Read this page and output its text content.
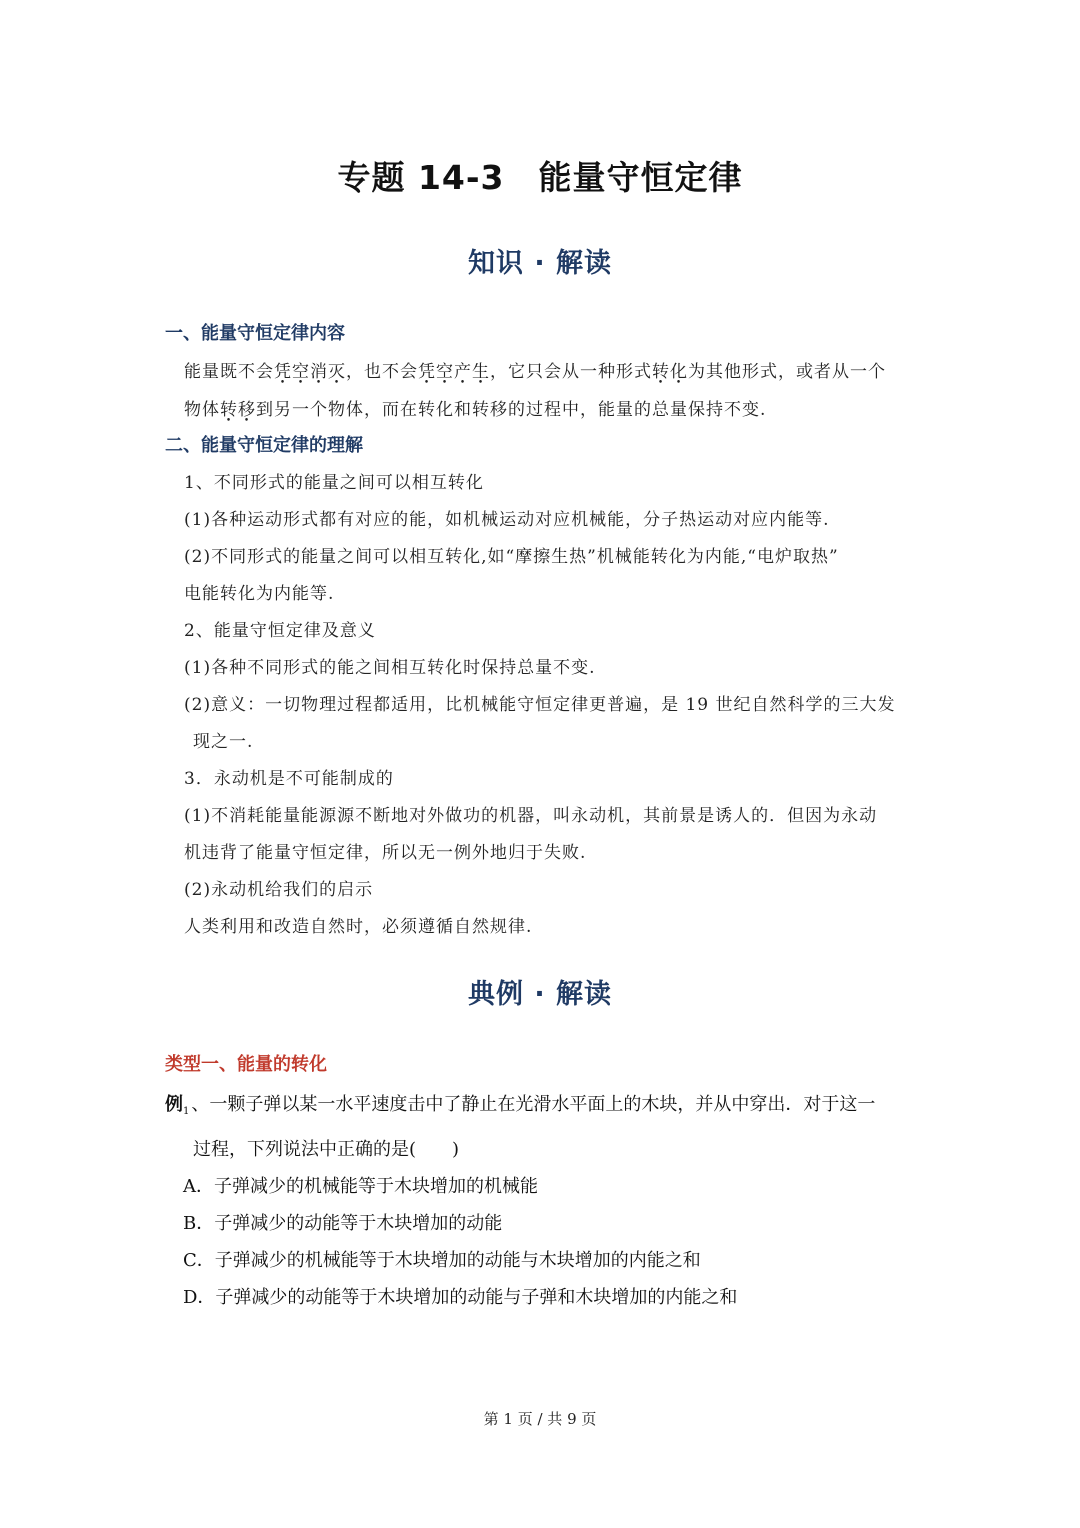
专题 14-3　能量守恒定律
知识 · 解读
一、能量守恒定律内容
能量既不会凭空消灭，也不会凭空产生，它只会从一种形式转化为其他形式，或者从一个
物体转移到另一个物体，而在转化和转移的过程中，能量的总量保持不变.
二、能量守恒定律的理解
1、不同形式的能量之间可以相互转化
(1)各种运动形式都有对应的能，如机械运动对应机械能，分子热运动对应内能等.
(2)不同形式的能量之间可以相互转化,如“摩擦生热”机械能转化为内能,“电炉取热”
电能转化为内能等.
2、能量守恒定律及意义
(1)各种不同形式的能之间相互转化时保持总量不变.
(2)意义：一切物理过程都适用，比机械能守恒定律更普遍，是 19 世纪自然科学的三大发
现之一.
3．永动机是不可能制成的
(1)不消耗能量能源源不断地对外做功的机器，叫永动机，其前景是诱人的．但因为永动
机违背了能量守恒定律，所以无一例外地归于失败.
(2)永动机给我们的启示
人类利用和改造自然时，必须遵循自然规律.
典例 · 解读
类型一、能量的转化
例$_1$ 、一颗子弹以某一水平速度击中了静止在光滑水平面上的木块，并从中穿出．对于这一
过程，下列说法中正确的是(　　)
A．子弹减少的机械能等于木块增加的机械能
B．子弹减少的动能等于木块增加的动能
C．子弹减少的机械能等于木块增加的动能与木块增加的内能之和
D．子弹减少的动能等于木块增加的动能与子弹和木块增加的内能之和
第 1 页 / 共 9 页
